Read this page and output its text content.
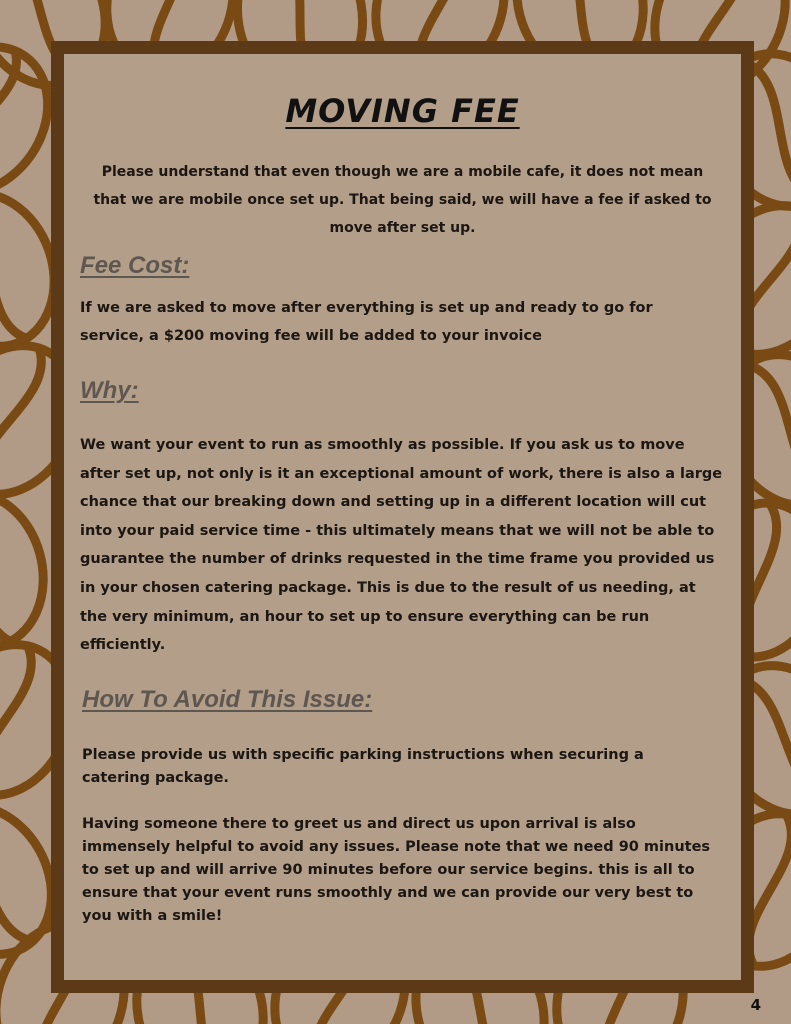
MOVING FEE

Please understand that even though we are a mobile cafe, it does not mean that we are mobile once set up. That being said, we will have a fee if asked to move after set up.

Fee Cost:

If we are asked to move after everything is set up and ready to go for service, a $200 moving fee will be added to your invoice

Why:

We want your event to run as smoothly as possible. If you ask us to move after set up, not only is it an exceptional amount of work, there is also a large chance that our breaking down and setting up in a different location will cut into your paid service time - this ultimately means that we will not be able to guarantee the number of drinks requested in the time frame you provided us in your chosen catering package. This is due to the result of us needing, at the very minimum, an hour to set up to ensure everything can be run efficiently.

How To Avoid This Issue:

Please provide us with specific parking instructions when securing a catering package.

Having someone there to greet us and direct us upon arrival is also immensely helpful to avoid any issues. Please note that we need 90 minutes to set up and will arrive 90 minutes before our service begins. this is all to ensure that your event runs smoothly and we can provide our very best to you with a smile!

4
